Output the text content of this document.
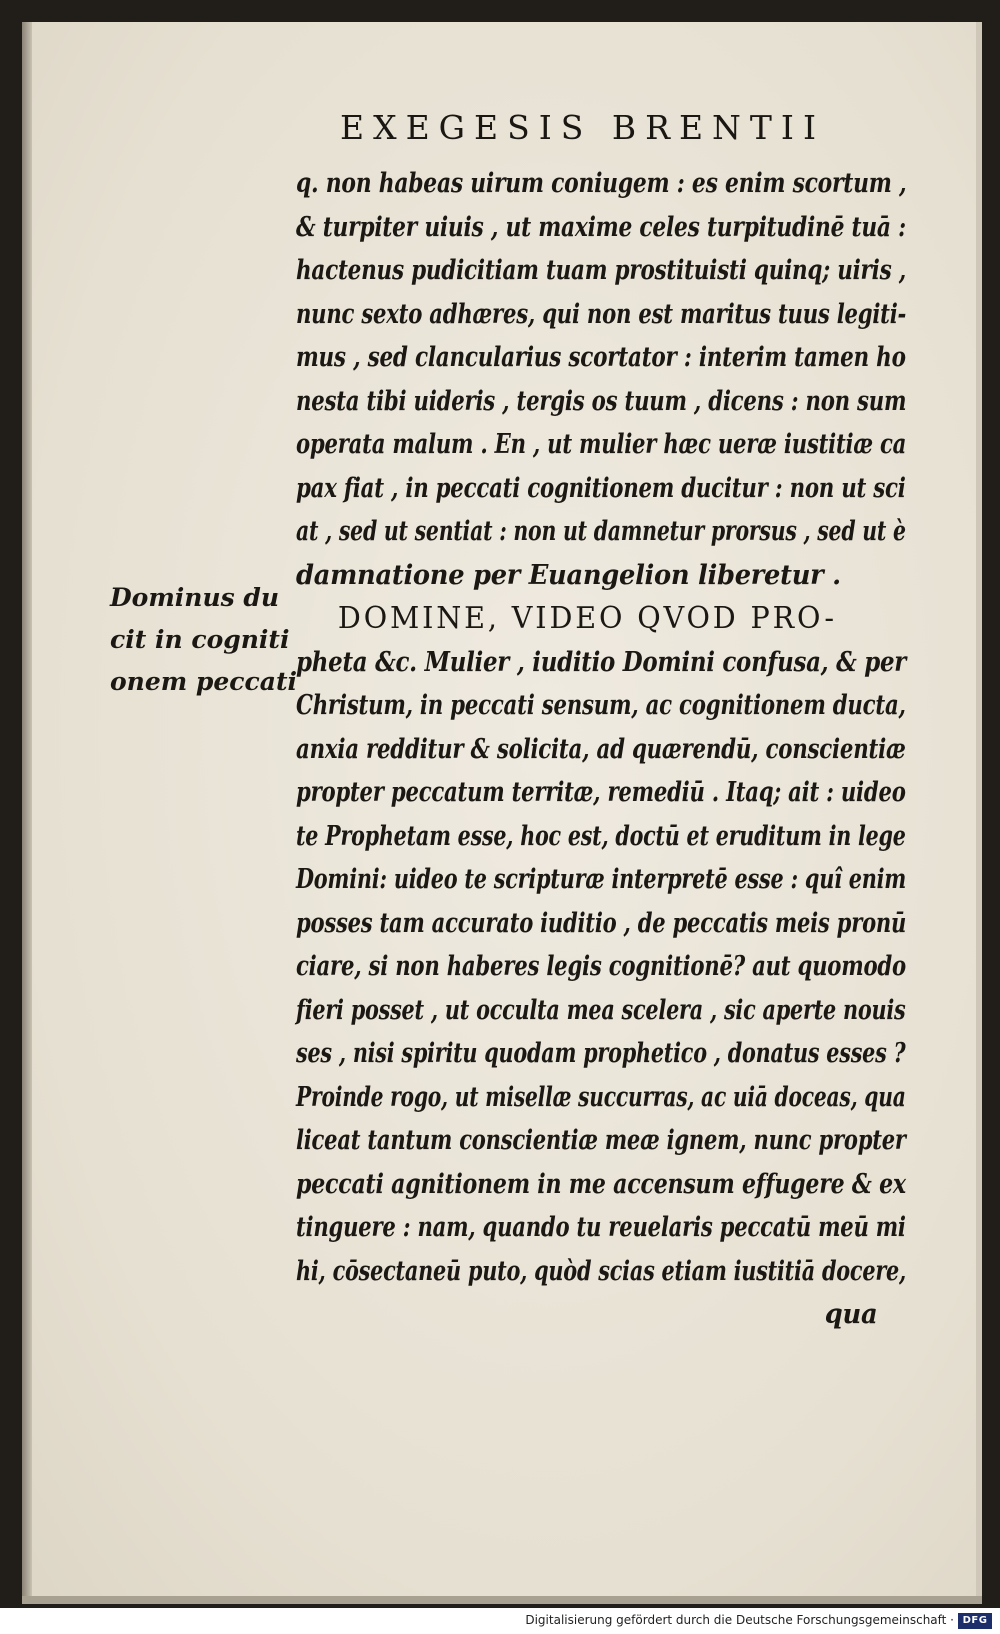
EXEGESIS BRENTII
Dominus du
cit in cogniti
onem peccati
q. non habeas uirum coniugem : es enim scortum ,
& turpiter uiuis , ut maxime celes turpitudinē tuā :
hactenus pudicitiam tuam prostituisti quinq; uiris ,
nunc sexto adhæres, qui non est maritus tuus legiti-
mus , sed clancularius scortator : interim tamen ho
nesta tibi uideris , tergis os tuum , dicens : non sum
operata malum . En , ut mulier hæc ueræ iustitiæ ca
pax fiat , in peccati cognitionem ducitur : non ut sci
at , sed ut sentiat : non ut damnetur prorsus , sed ut è
damnatione per Euangelion liberetur .
DOMINE, VIDEO QVOD PRO-
pheta &c. Mulier , iuditio Domini confusa, & per
Christum, in peccati sensum, ac cognitionem ducta,
anxia redditur & solicita, ad quærendū, conscientiæ
propter peccatum territæ, remediū . Itaq; ait : uideo
te Prophetam esse, hoc est, doctū et eruditum in lege
Domini: uideo te scripturæ interpretē esse : quî enim
posses tam accurato iuditio , de peccatis meis pronū
ciare, si non haberes legis cognitionē? aut quomodo
fieri posset , ut occulta mea scelera , sic aperte nouis
ses , nisi spiritu quodam prophetico , donatus esses ?
Proinde rogo, ut misellæ succurras, ac uiā doceas, qua
liceat tantum conscientiæ meæ ignem, nunc propter
peccati agnitionem in me accensum effugere & ex
tinguere : nam, quando tu reuelaris peccatū meū mi
hi, cōsectaneū puto, quòd scias etiam iustitiā docere,
qua
Digitalisierung gefördert durch die Deutsche Forschungsgemeinschaft · DFG
